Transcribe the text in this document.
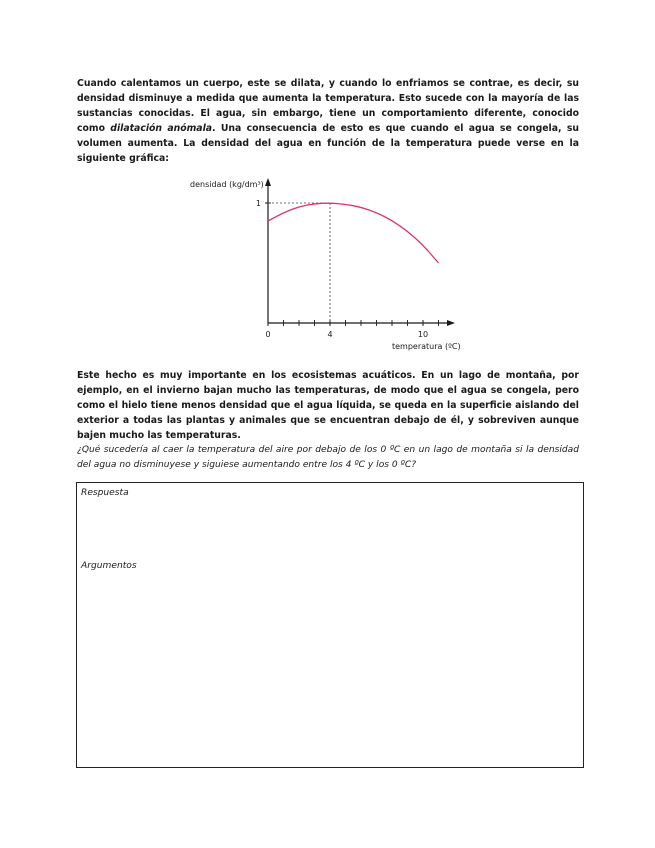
Cuando calentamos un cuerpo, este se dilata, y cuando lo enfriamos se contrae, es decir, su densidad disminuye a medida que aumenta la temperatura. Esto sucede con la mayoría de las sustancias conocidas. El agua, sin embargo, tiene un comportamiento diferente, conocido como dilatación anómala. Una consecuencia de esto es que cuando el agua se congela, su volumen aumenta. La densidad del agua en función de la temperatura puede verse en la siguiente gráfica:

densidad (kg/dm³)
0	4	10
1
temperatura (ºC)

Este hecho es muy importante en los ecosistemas acuáticos. En un lago de montaña, por ejemplo, en el invierno bajan mucho las temperaturas, de modo que el agua se congela, pero como el hielo tiene menos densidad que el agua líquida, se queda en la superficie aislando del exterior a todas las plantas y animales que se encuentran debajo de él, y sobreviven aunque bajen mucho las temperaturas.

¿Qué sucedería al caer la temperatura del aire por debajo de los 0 ºC en un lago de montaña si la densidad del agua no disminuyese y siguiese aumentando entre los 4 ºC y los 0 ºC?

Respuesta
Argumentos
